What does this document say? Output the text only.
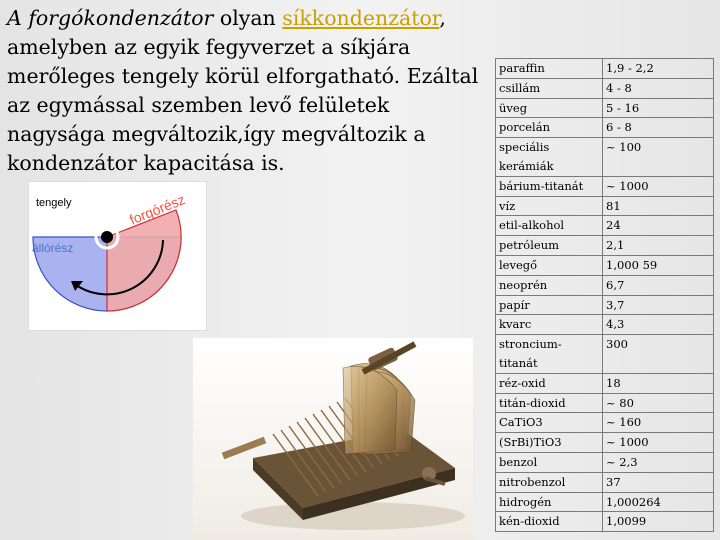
A forgókondenzátor olyan síkkondenzátor, amelyben az egyik fegyverzet a síkjára merőleges tengely körül elforgatható. Ezáltal az egymással szemben levő felületek nagysága megváltozik,így megváltozik a kondenzátor kapacitása is.

tengely
állórész
forgórész
paraffin	1,9 - 2,2
csillám	4 - 8
üveg	5 - 16
porcelán	6 - 8
speciális kerámiák	~ 100
bárium-titanát	~ 1000
víz	81
etil-alkohol	24
petróleum	2,1
levegő	1,000 59
neoprén	6,7
papír	3,7
kvarc	4,3
stroncium-titanát	300
réz-oxid	18
titán-dioxid	~ 80
CaTiO3	~ 160
(SrBi)TiO3	~ 1000
benzol	~ 2,3
nitrobenzol	37
hidrogén	1,000264
kén-dioxid	1,0099
